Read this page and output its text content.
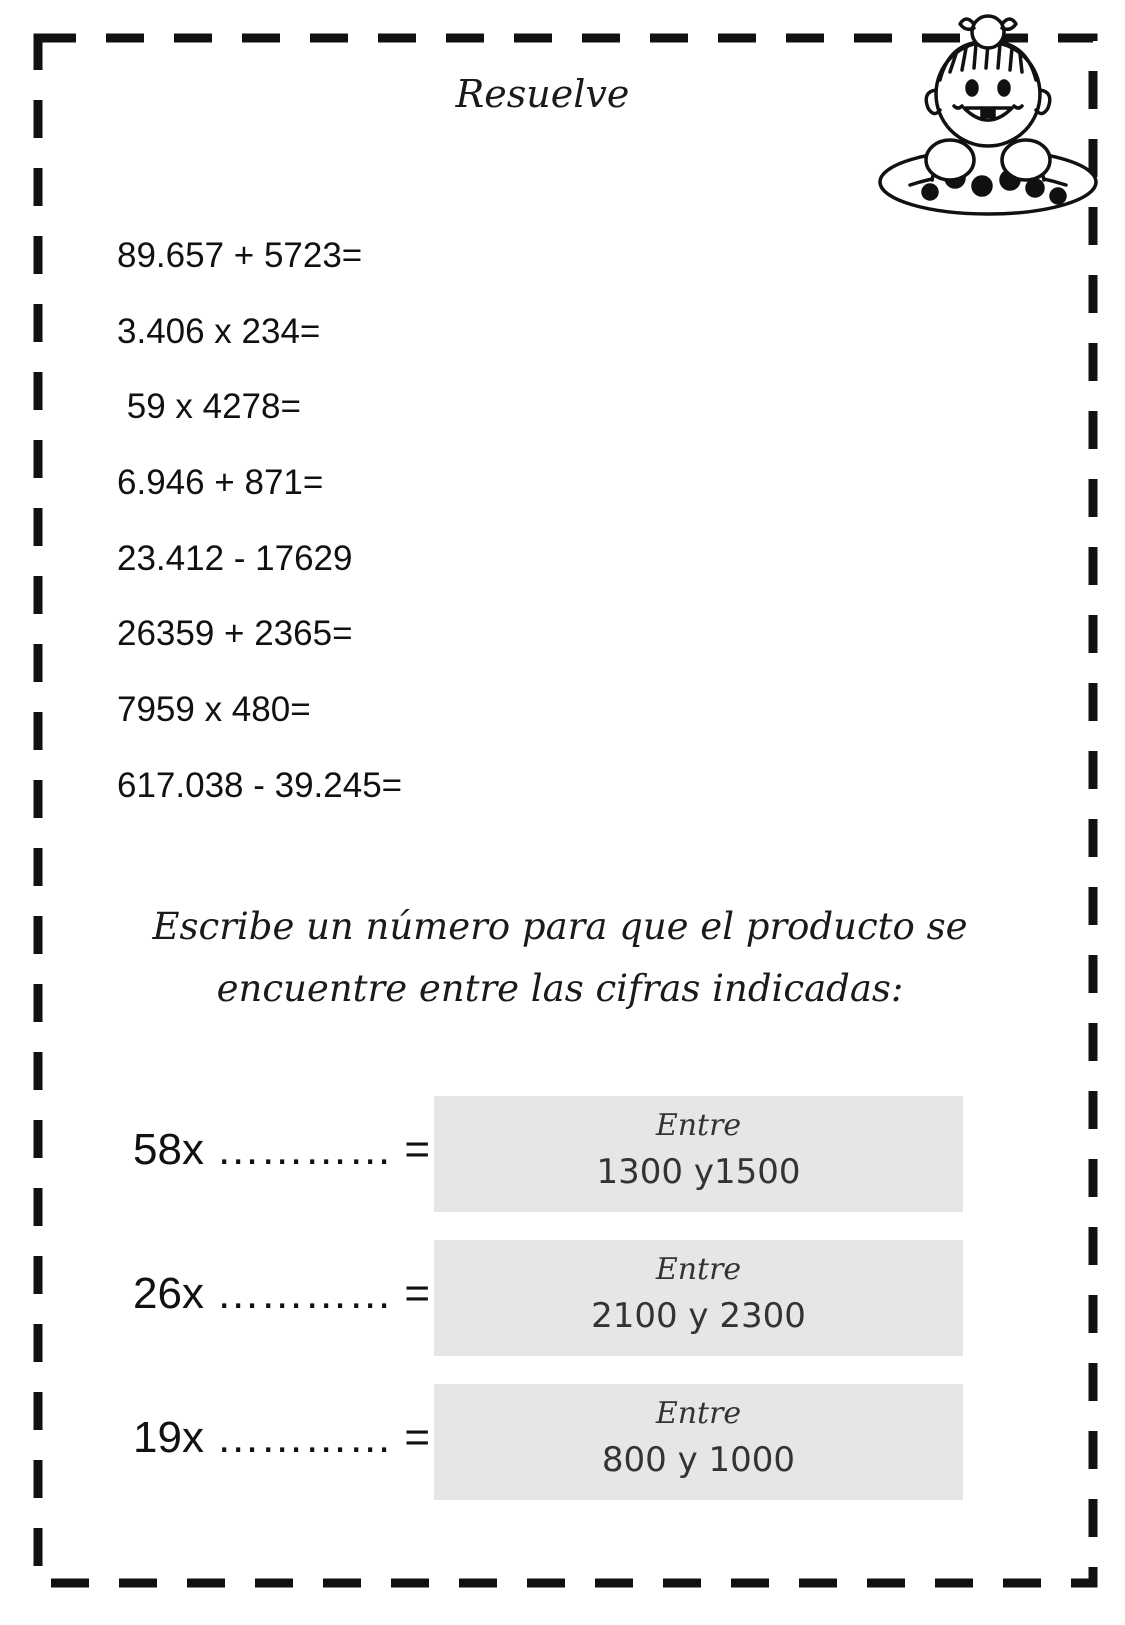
Resuelve
89.657 + 5723=
3.406 x 234=
59 x 4278=
6.946 + 871=
23.412 - 17629
26359 + 2365=
7959 x 480=
617.038 - 39.245=

Escribe un número para que el producto se
encuentre entre las cifras indicadas:

58x ………… =	Entre
1300 y1500
26x ………… =	Entre
2100 y 2300
19x ………… =	Entre
800 y 1000
